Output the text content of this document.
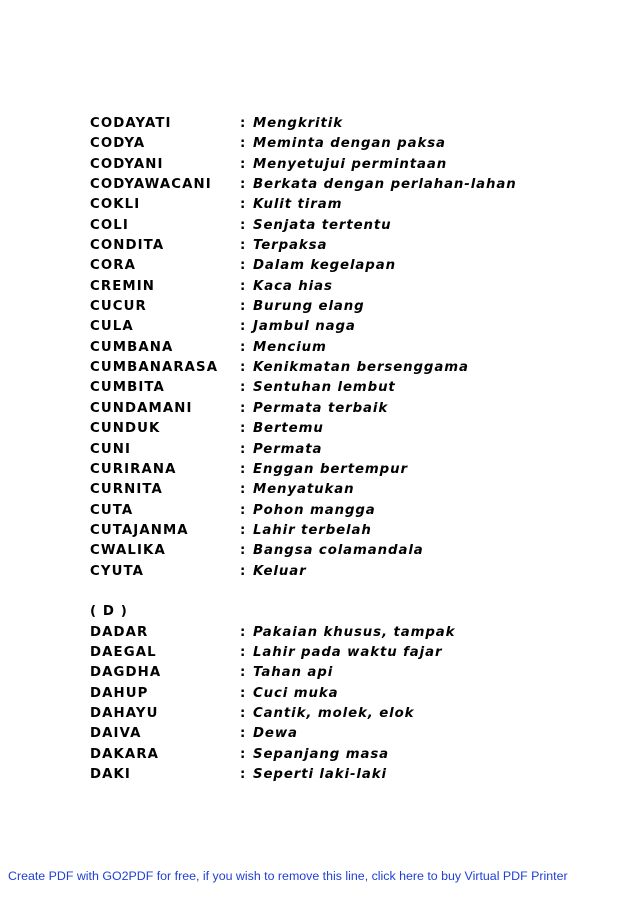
CODAYATI	: Mengkritik
CODYA	: Meminta dengan paksa
CODYANI	: Menyetujui permintaan
CODYAWACANI : Berkata dengan perlahan-lahan
COKLI	: Kulit tiram
COLI	: Senjata tertentu
CONDITA	: Terpaksa
CORA	: Dalam kegelapan
CREMIN	: Kaca hias
CUCUR	: Burung elang
CULA	: Jambul naga
CUMBANA	: Mencium
CUMBANARASA : Kenikmatan bersenggama
CUMBITA	: Sentuhan lembut
CUNDAMANI	: Permata terbaik
CUNDUK	: Bertemu
CUNI	: Permata
CURIRANA	: Enggan bertempur
CURNITA	: Menyatukan
CUTA	: Pohon mangga
CUTAJANMA	: Lahir terbelah
CWALIKA	: Bangsa colamandala
CYUTA	: Keluar
( D )
DADAR	: Pakaian khusus, tampak
DAEGAL	: Lahir pada waktu fajar
DAGDHA	: Tahan api
DAHUP	: Cuci muka
DAHAYU	: Cantik, molek, elok
DAIVA	: Dewa
DAKARA	: Sepanjang masa
DAKI	: Seperti laki-laki
Create PDF with GO2PDF for free, if you wish to remove this line, click here to buy Virtual PDF Printer
